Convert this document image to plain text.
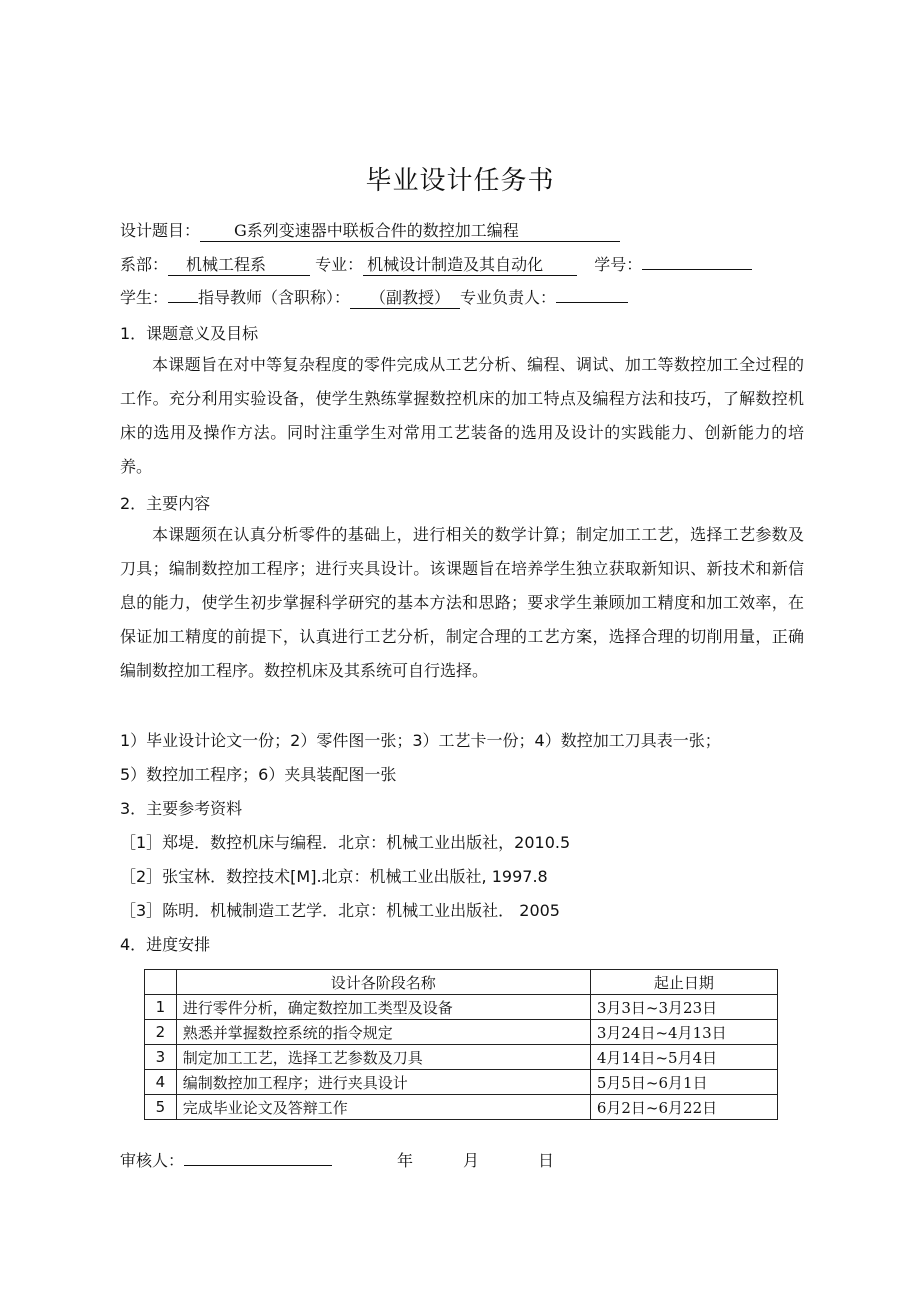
毕业设计任务书
设计题目： G系列变速器中联板合件的数控加工编程
系部： 机械工程系	专业： 机械设计制造及其自动化	学号：
学生： 指导教师（含职称）： （副教授） 专业负责人：
1．课题意义及目标
本课题旨在对中等复杂程度的零件完成从工艺分析、编程、调试、加工等数控加工全过程的工作。充分利用实验设备，使学生熟练掌握数控机床的加工特点及编程方法和技巧，了解数控机床的选用及操作方法。同时注重学生对常用工艺装备的选用及设计的实践能力、创新能力的培养。
2．主要内容
本课题须在认真分析零件的基础上，进行相关的数学计算；制定加工工艺，选择工艺参数及刀具；编制数控加工程序；进行夹具设计。该课题旨在培养学生独立获取新知识、新技术和新信息的能力，使学生初步掌握科学研究的基本方法和思路；要求学生兼顾加工精度和加工效率，在保证加工精度的前提下，认真进行工艺分析，制定合理的工艺方案，选择合理的切削用量，正确编制数控加工程序。数控机床及其系统可自行选择。
1）毕业设计论文一份；2）零件图一张；3）工艺卡一份；4）数控加工刀具表一张；
5）数控加工程序；6）夹具装配图一张
3．主要参考资料
［1］郑堤．数控机床与编程．北京：机械工业出版社，2010.5
［2］张宝林．数控技术[M].北京：机械工业出版社, 1997.8
［3］陈明．机械制造工艺学．北京：机械工业出版社． 2005
4．进度安排
	设计各阶段名称	起止日期
1	进行零件分析，确定数控加工类型及设备	3月3日~3月23日
2	熟悉并掌握数控系统的指令规定	3月24日~4月13日
3	制定加工工艺，选择工艺参数及刀具	4月14日~5月4日
4	编制数控加工程序；进行夹具设计	5月5日~6月1日
5	完成毕业论文及答辩工作	6月2日~6月22日
审核人：	年	月	日
